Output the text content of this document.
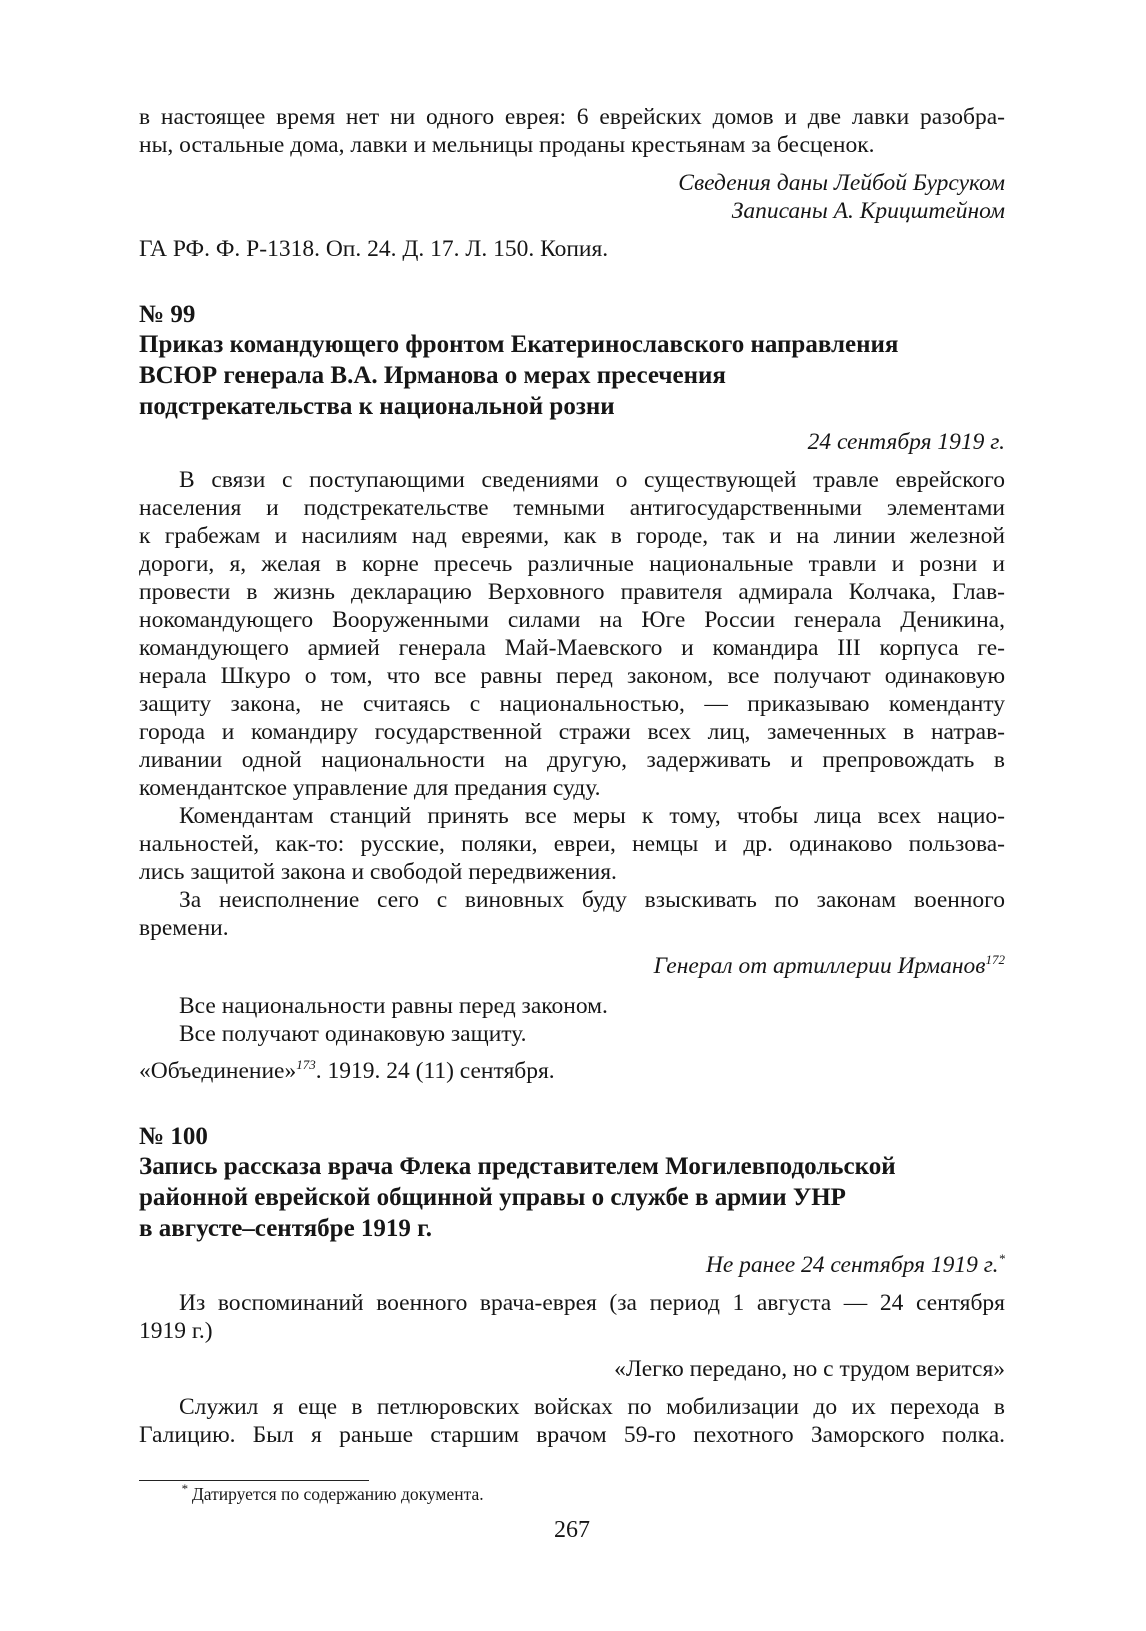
в настоящее время нет ни одного еврея: 6 еврейских домов и две лавки разобра-
ны, остальные дома, лавки и мельницы проданы крестьянам за бесценок.
Сведения даны Лейбой Бурсуком
Записаны А. Крицштейном
ГА РФ. Ф. Р-1318. Оп. 24. Д. 17. Л. 150. Копия.
№ 99
Приказ командующего фронтом Екатеринославского направления
ВСЮР генерала В.А. Ирманова о мерах пресечения
подстрекательства к национальной розни
24 сентября 1919 г.
В связи с поступающими сведениями о существующей травле еврейского
населения и подстрекательстве темными антигосударственными элементами
к грабежам и насилиям над евреями, как в городе, так и на линии железной
дороги, я, желая в корне пресечь различные национальные травли и розни и
провести в жизнь декларацию Верховного правителя адмирала Колчака, Глав-
нокомандующего Вооруженными силами на Юге России генерала Деникина,
командующего армией генерала Май-Маевского и командира III корпуса ге-
нерала Шкуро о том, что все равны перед законом, все получают одинаковую
защиту закона, не считаясь с национальностью, — приказываю коменданту
города и командиру государственной стражи всех лиц, замеченных в натрав-
ливании одной национальности на другую, задерживать и препровождать в
комендантское управление для предания суду.
Комендантам станций принять все меры к тому, чтобы лица всех нацио-
нальностей, как-то: русские, поляки, евреи, немцы и др. одинаково пользова-
лись защитой закона и свободой передвижения.
За неисполнение сего с виновных буду взыскивать по законам военного
времени.
Генерал от артиллерии Ирманов$^{172}$
Все национальности равны перед законом.
Все получают одинаковую защиту.
«Объединение»$^{173}$. 1919. 24 (11) сентября.
№ 100
Запись рассказа врача Флека представителем Могилевподольской
районной еврейской общинной управы о службе в армии УНР
в августе–сентябре 1919 г.
Не ранее 24 сентября 1919 г.*
Из воспоминаний военного врача-еврея (за период 1 августа — 24 сентября
1919 г.)
«Легко передано, но с трудом верится»
Служил я еще в петлюровских войсках по мобилизации до их перехода в
Галицию. Был я раньше старшим врачом 59-го пехотного Заморского полка.
* Датируется по содержанию документа.
267
